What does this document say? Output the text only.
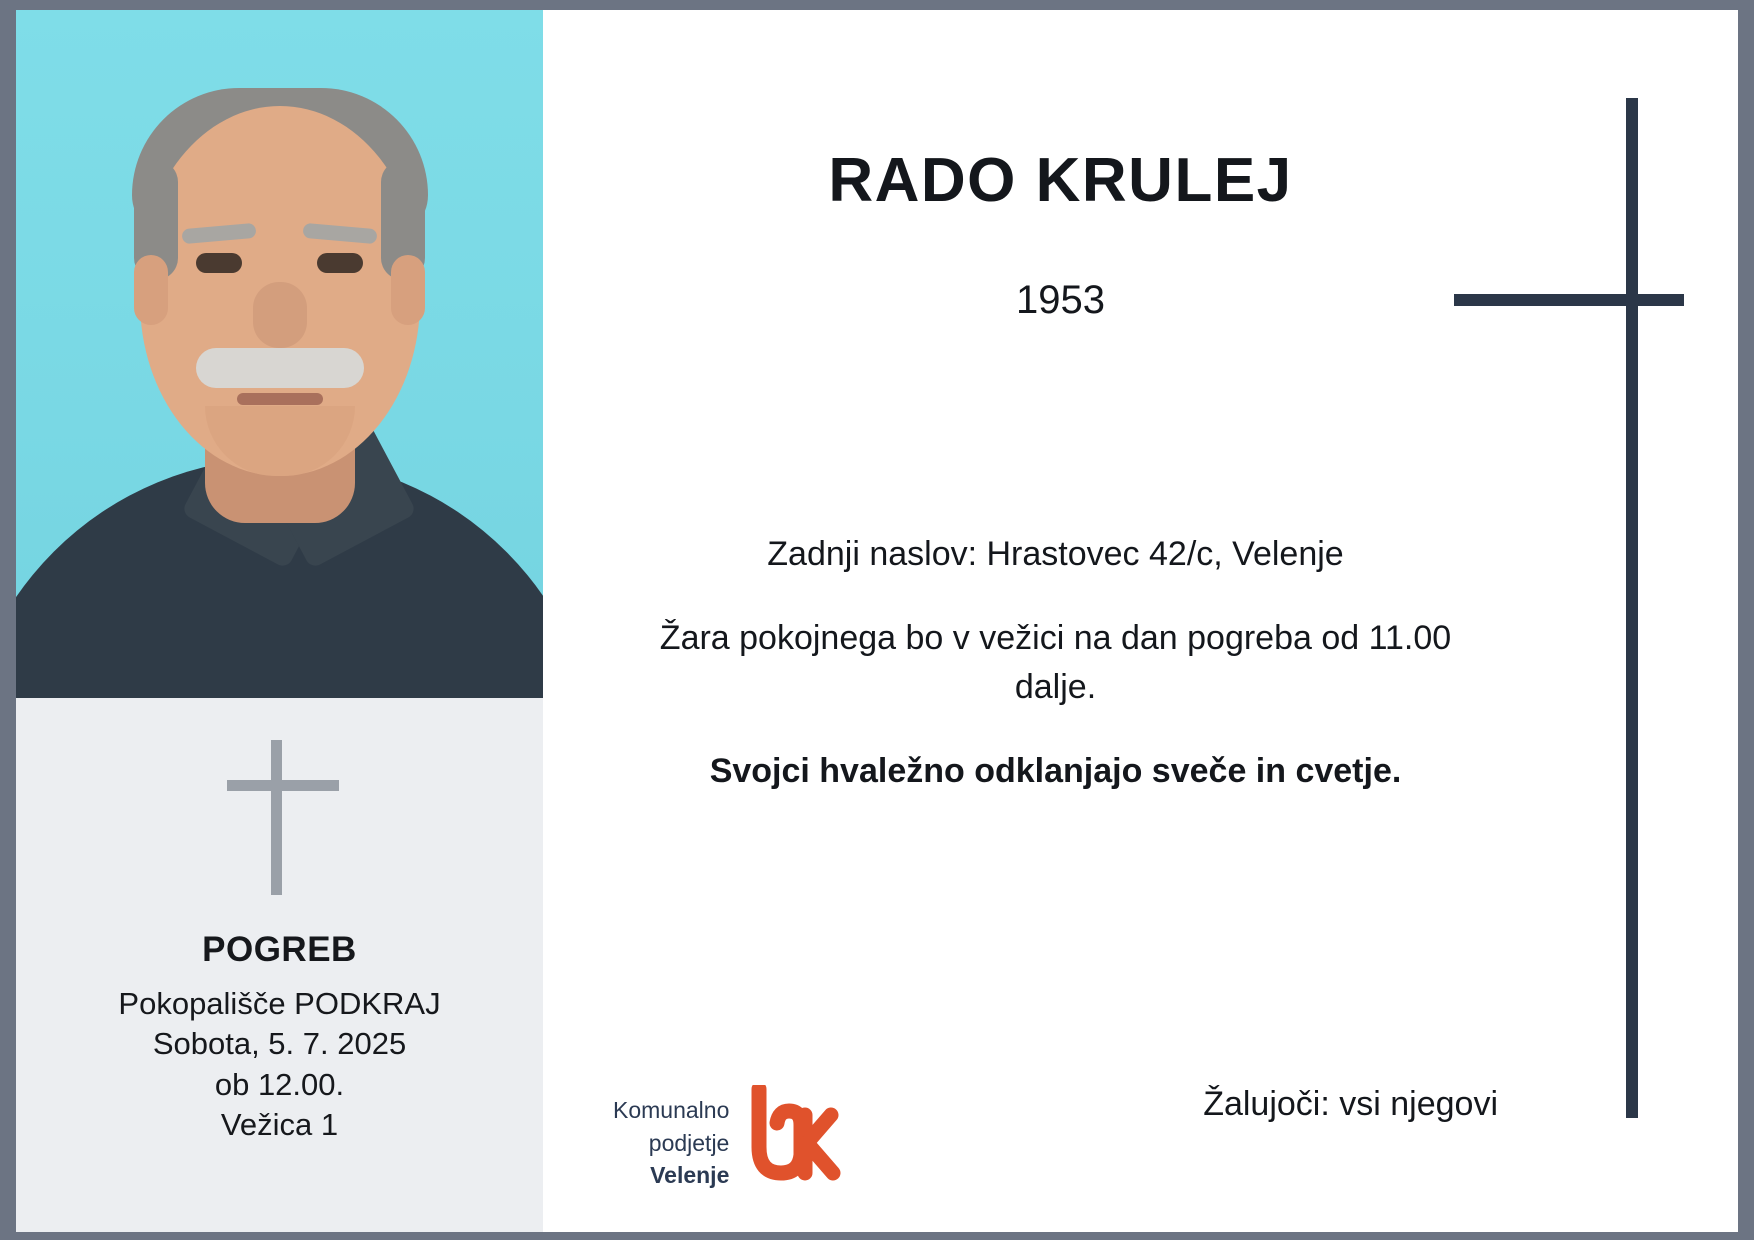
POGREB
Pokopališče PODKRAJ
Sobota, 5. 7. 2025
ob 12.00.
Vežica 1
RADO KRULEJ
1953
Zadnji naslov: Hrastovec 42/c, Velenje
Žara pokojnega bo v vežici na dan pogreba od 11.00 dalje.
Svojci hvaležno odklanjajo sveče in cvetje.
Žalujoči: vsi njegovi
Komunalno
podjetje
Velenje
